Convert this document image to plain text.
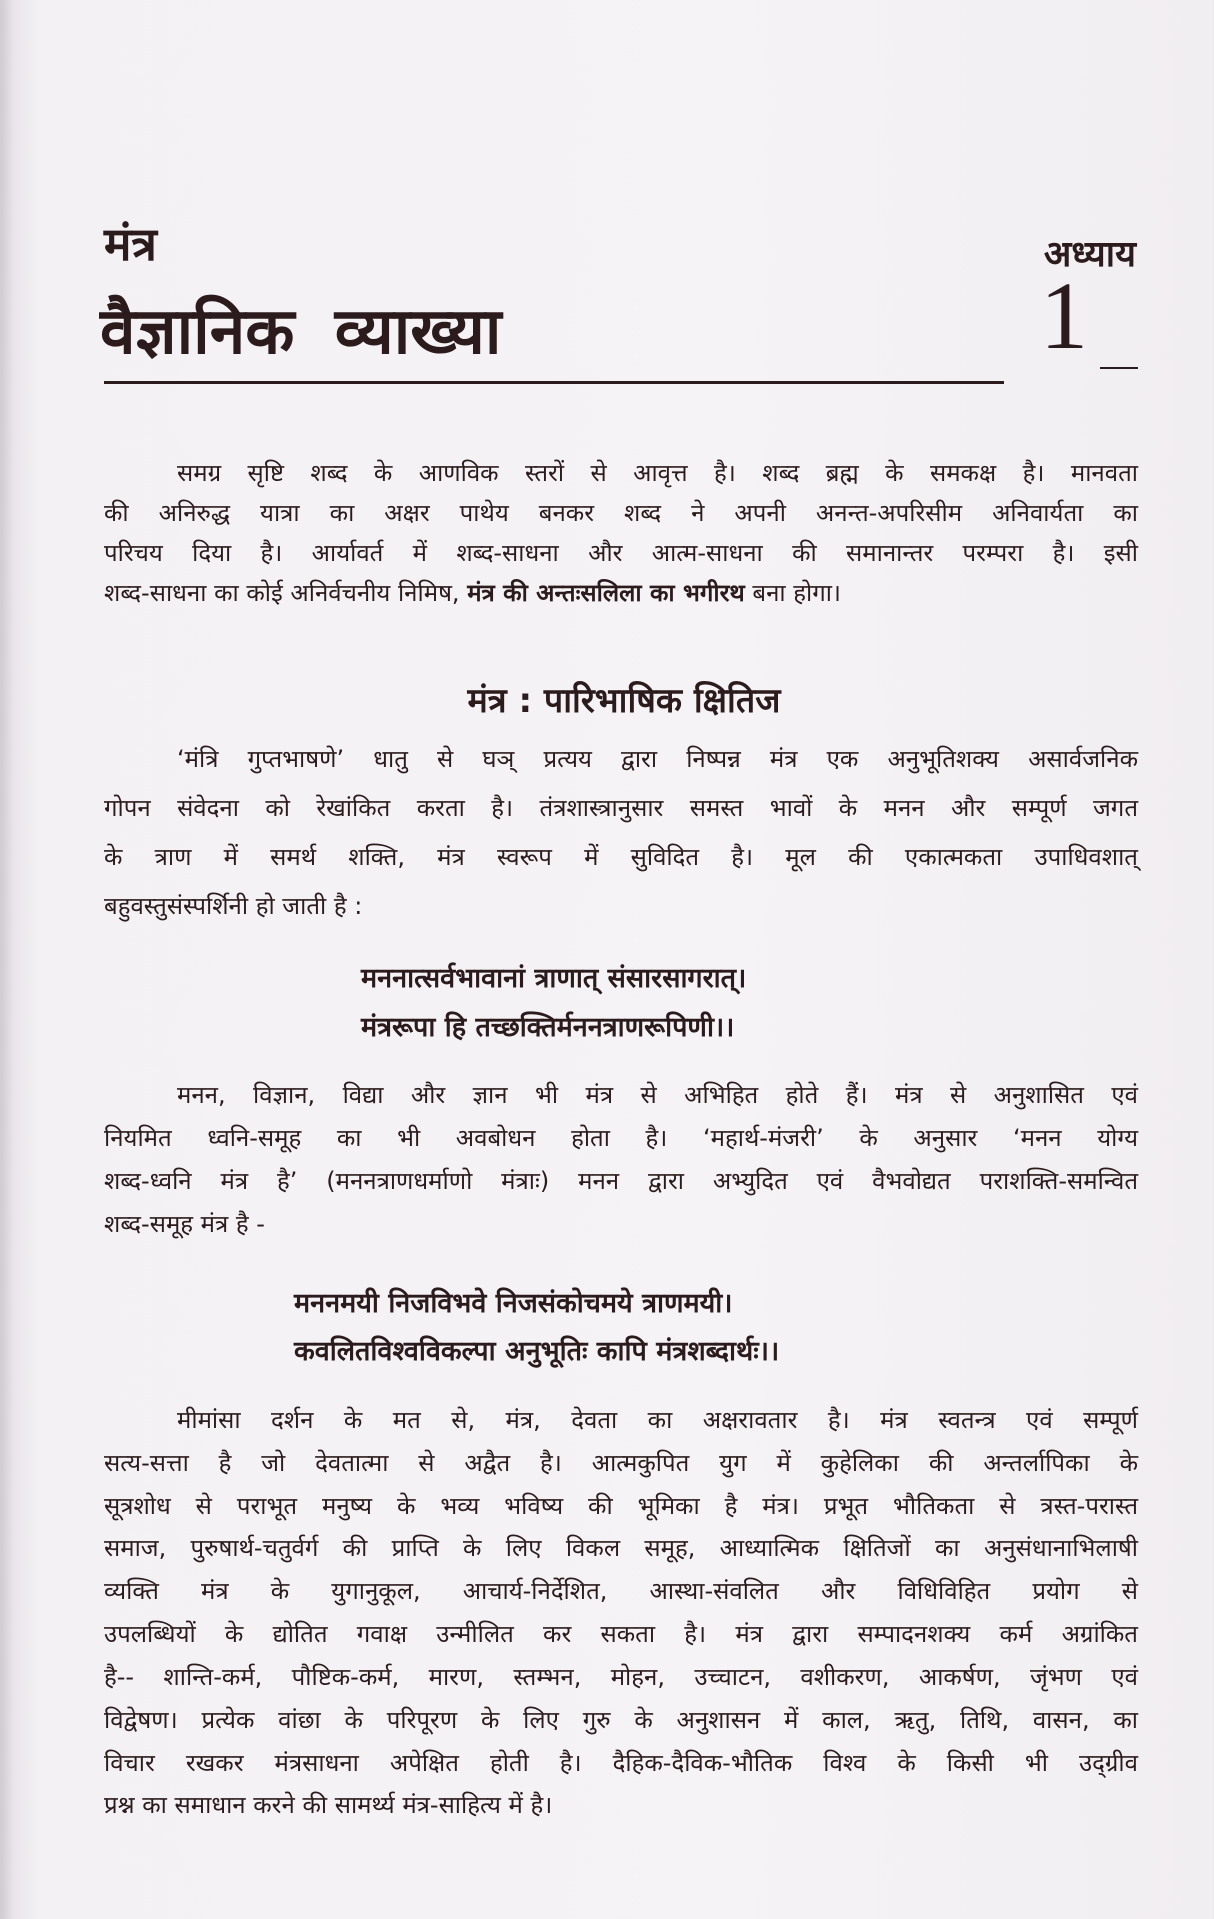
मंत्र
वैज्ञानिक व्याख्या
अध्याय
1
शब्द-साधना का कोई अनिर्वचनीय निमिष, मंत्र की अन्तःसलिला का भगीरथ बना होगा।
मंत्र : पारिभाषिक क्षितिज
समग्र सृष्टि शब्द के आणविक स्तरों से आवृत्त है। शब्द ब्रह्म के समकक्ष है। मानवता
की अनिरुद्ध यात्रा का अक्षर पाथेय बनकर शब्द ने अपनी अनन्त-अपरिसीम अनिवार्यता का
परिचय दिया है। आर्यावर्त में शब्द-साधना और आत्म-साधना की समानान्तर परम्परा है। इसी
‘मंत्रि गुप्तभाषणे’ धातु से घञ् प्रत्यय द्वारा निष्पन्न मंत्र एक अनुभूतिशक्य असार्वजनिक
गोपन संवेदना को रेखांकित करता है। तंत्रशास्त्रानुसार समस्त भावों के मनन और सम्पूर्ण जगत
के त्राण में समर्थ शक्ति, मंत्र स्वरूप में सुविदित है। मूल की एकात्मकता उपाधिवशात्
बहुवस्तुसंस्पर्शिनी हो जाती है :
मननात्सर्वभावानां त्राणात् संसारसागरात्।
मंत्ररूपा हि तच्छक्तिर्मननत्राणरूपिणी।।
मनन, विज्ञान, विद्या और ज्ञान भी मंत्र से अभिहित होते हैं। मंत्र से अनुशासित एवं
नियमित ध्वनि-समूह का भी अवबोधन होता है। ‘महार्थ-मंजरी’ के अनुसार ‘मनन योग्य
शब्द-ध्वनि मंत्र है’ (मननत्राणधर्माणो मंत्राः) मनन द्वारा अभ्युदित एवं वैभवोद्यत पराशक्ति-समन्वित
शब्द-समूह मंत्र है -
मननमयी निजविभवे निजसंकोचमये त्राणमयी।
कवलितविश्वविकल्पा अनुभूतिः कापि मंत्रशब्दार्थः।।
मीमांसा दर्शन के मत से, मंत्र, देवता का अक्षरावतार है। मंत्र स्वतन्त्र एवं सम्पूर्ण
सत्य-सत्ता है जो देवतात्मा से अद्वैत है। आत्मकुपित युग में कुहेलिका की अन्तर्लापिका के
सूत्रशोध से पराभूत मनुष्य के भव्य भविष्य की भूमिका है मंत्र। प्रभूत भौतिकता से त्रस्त-परास्त
समाज, पुरुषार्थ-चतुर्वर्ग की प्राप्ति के लिए विकल समूह, आध्यात्मिक क्षितिजों का अनुसंधानाभिलाषी
व्यक्ति मंत्र के युगानुकूल, आचार्य-निर्देशित, आस्था-संवलित और विधिविहित प्रयोग से
उपलब्धियों के द्योतित गवाक्ष उन्मीलित कर सकता है। मंत्र द्वारा सम्पादनशक्य कर्म अग्रांकित
है-- शान्ति-कर्म, पौष्टिक-कर्म, मारण, स्तम्भन, मोहन, उच्चाटन, वशीकरण, आकर्षण, जृंभण एवं
विद्वेषण। प्रत्येक वांछा के परिपूरण के लिए गुरु के अनुशासन में काल, ऋतु, तिथि, वासन, का
विचार रखकर मंत्रसाधना अपेक्षित होती है। दैहिक-दैविक-भौतिक विश्व के किसी भी उद्ग्रीव
प्रश्न का समाधान करने की सामर्थ्य मंत्र-साहित्य में है।
